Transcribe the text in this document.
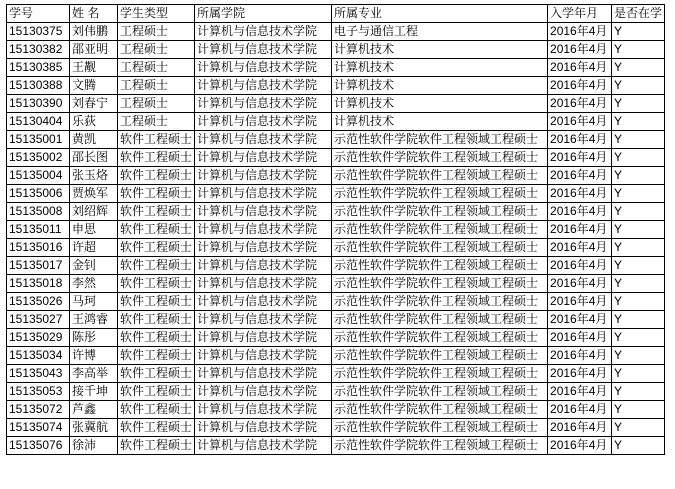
学号	姓 名	学生类型	所属学院	所属专业	入学年月	是否在学
15130375	刘伟鹏	工程硕士	计算机与信息技术学院	电子与通信工程	2016年4月	Y
15130382	邵亚明	工程硕士	计算机与信息技术学院	计算机技术	2016年4月	Y
15130385	王觏	工程硕士	计算机与信息技术学院	计算机技术	2016年4月	Y
15130388	文腾	工程硕士	计算机与信息技术学院	计算机技术	2016年4月	Y
15130390	刘春宁	工程硕士	计算机与信息技术学院	计算机技术	2016年4月	Y
15130404	乐荻	工程硕士	计算机与信息技术学院	计算机技术	2016年4月	Y
15135001	黄凯	软件工程硕士	计算机与信息技术学院	示范性软件学院软件工程领域工程硕士	2016年4月	Y
15135002	邵长图	软件工程硕士	计算机与信息技术学院	示范性软件学院软件工程领域工程硕士	2016年4月	Y
15135004	张玉烙	软件工程硕士	计算机与信息技术学院	示范性软件学院软件工程领域工程硕士	2016年4月	Y
15135006	贾焕军	软件工程硕士	计算机与信息技术学院	示范性软件学院软件工程领域工程硕士	2016年4月	Y
15135008	刘绍辉	软件工程硕士	计算机与信息技术学院	示范性软件学院软件工程领域工程硕士	2016年4月	Y
15135011	申思	软件工程硕士	计算机与信息技术学院	示范性软件学院软件工程领域工程硕士	2016年4月	Y
15135016	许超	软件工程硕士	计算机与信息技术学院	示范性软件学院软件工程领域工程硕士	2016年4月	Y
15135017	金钊	软件工程硕士	计算机与信息技术学院	示范性软件学院软件工程领域工程硕士	2016年4月	Y
15135018	李然	软件工程硕士	计算机与信息技术学院	示范性软件学院软件工程领域工程硕士	2016年4月	Y
15135026	马珂	软件工程硕士	计算机与信息技术学院	示范性软件学院软件工程领域工程硕士	2016年4月	Y
15135027	王鸿睿	软件工程硕士	计算机与信息技术学院	示范性软件学院软件工程领域工程硕士	2016年4月	Y
15135029	陈彤	软件工程硕士	计算机与信息技术学院	示范性软件学院软件工程领域工程硕士	2016年4月	Y
15135034	许博	软件工程硕士	计算机与信息技术学院	示范性软件学院软件工程领域工程硕士	2016年4月	Y
15135043	李高举	软件工程硕士	计算机与信息技术学院	示范性软件学院软件工程领域工程硕士	2016年4月	Y
15135053	接千坤	软件工程硕士	计算机与信息技术学院	示范性软件学院软件工程领域工程硕士	2016年4月	Y
15135072	芦鑫	软件工程硕士	计算机与信息技术学院	示范性软件学院软件工程领域工程硕士	2016年4月	Y
15135074	张冀航	软件工程硕士	计算机与信息技术学院	示范性软件学院软件工程领域工程硕士	2016年4月	Y
15135076	徐沛	软件工程硕士	计算机与信息技术学院	示范性软件学院软件工程领域工程硕士	2016年4月	Y
